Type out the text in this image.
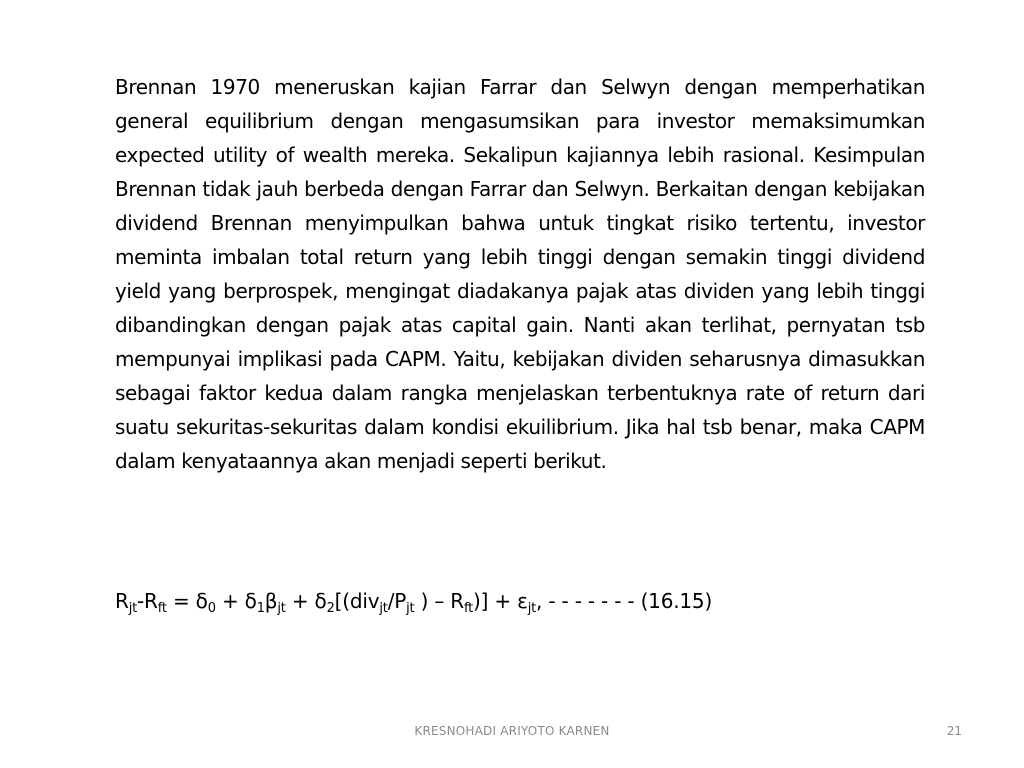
Brennan 1970 meneruskan kajian Farrar dan Selwyn dengan memperhatikan general equilibrium dengan mengasumsikan para investor memaksimumkan expected utility of wealth mereka. Sekalipun kajiannya lebih rasional. Kesimpulan Brennan tidak jauh berbeda dengan Farrar dan Selwyn. Berkaitan dengan kebijakan dividend Brennan menyimpulkan bahwa untuk tingkat risiko tertentu, investor meminta imbalan total return yang lebih tinggi dengan semakin tinggi dividend yield yang berprospek, mengingat diadakanya pajak atas dividen yang lebih tinggi dibandingkan dengan pajak atas capital gain. Nanti akan terlihat, pernyatan tsb mempunyai implikasi pada CAPM. Yaitu, kebijakan dividen seharusnya dimasukkan sebagai faktor kedua dalam rangka menjelaskan terbentuknya rate of return dari suatu sekuritas-sekuritas dalam kondisi ekuilibrium. Jika hal tsb benar, maka CAPM dalam kenyataannya akan menjadi seperti berikut.

$R_{jt}-R_{ft} = \delta_0 + \delta_1\beta_{jt} + \delta_2[(div_{jt}/P_{jt}$ ) – $R_{ft})] + \varepsilon_{jt}$, - - - - - - - (16.15)

KRESNOHADI ARIYOTO KARNEN	21
